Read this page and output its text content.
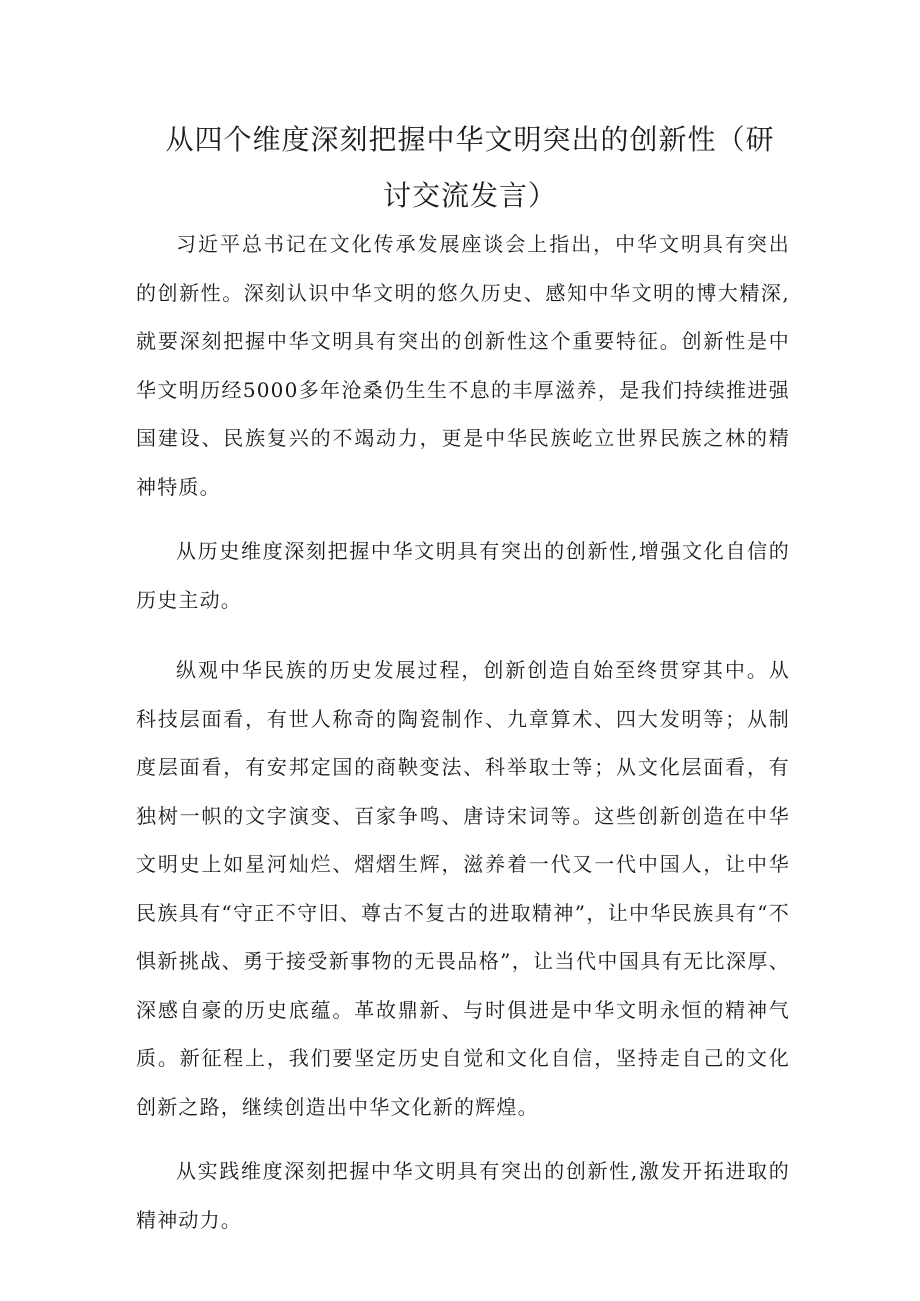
从四个维度深刻把握中华文明突出的创新性（研讨交流发言）

习近平总书记在文化传承发展座谈会上指出，中华文明具有突出的创新性。深刻认识中华文明的悠久历史、感知中华文明的博大精深,就要深刻把握中华文明具有突出的创新性这个重要特征。创新性是中华文明历经5000多年沧桑仍生生不息的丰厚滋养，是我们持续推进强国建设、民族复兴的不竭动力，更是中华民族屹立世界民族之林的精神特质。

从历史维度深刻把握中华文明具有突出的创新性,增强文化自信的历史主动。

纵观中华民族的历史发展过程，创新创造自始至终贯穿其中。从科技层面看，有世人称奇的陶瓷制作、九章算术、四大发明等；从制度层面看，有安邦定国的商鞅变法、科举取士等；从文化层面看，有独树一帜的文字演变、百家争鸣、唐诗宋词等。这些创新创造在中华文明史上如星河灿烂、熠熠生辉，滋养着一代又一代中国人，让中华民族具有“守正不守旧、尊古不复古的进取精神”，让中华民族具有“不惧新挑战、勇于接受新事物的无畏品格”，让当代中国具有无比深厚、深感自豪的历史底蕴。革故鼎新、与时俱进是中华文明永恒的精神气质。新征程上，我们要坚定历史自觉和文化自信，坚持走自己的文化创新之路，继续创造出中华文化新的辉煌。

从实践维度深刻把握中华文明具有突出的创新性,激发开拓进取的精神动力。
